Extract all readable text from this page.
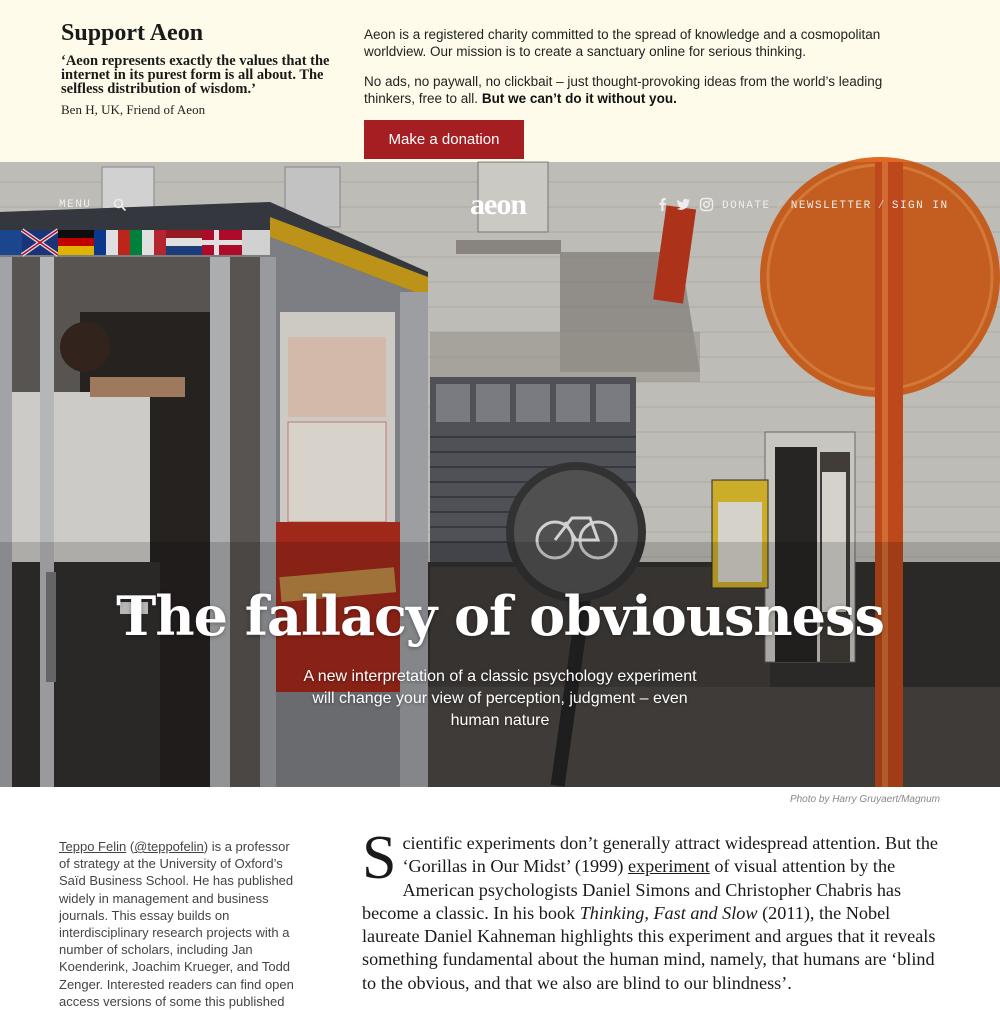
Support Aeon

‘Aeon represents exactly the values that the internet in its purest form is all about. The selfless distribution of wisdom.’

Ben H, UK, Friend of Aeon

Aeon is a registered charity committed to the spread of knowledge and a cosmopolitan worldview. Our mission is to create a sanctuary online for serious thinking.

No ads, no paywall, no clickbait – just thought-provoking ideas from the world’s leading thinkers, free to all. But we can’t do it without you.

Make a donation
MENU	aeon	DONATE / NEWSLETTER / SIGN IN
The fallacy of obviousness

A new interpretation of a classic psychology experiment will change your view of perception, judgment – even human nature

Photo by Harry Gruyaert/Magnum

Teppo Felin (@teppofelin) is a professor of strategy at the University of Oxford’s Saïd Business School. He has published widely in management and business journals. This essay builds on interdisciplinary research projects with a number of scholars, including Jan Koenderink, Joachim Krueger, and Todd Zenger. Interested readers can find open access versions of some this published
Scientific experiments don’t generally attract widespread attention. But the ‘Gorillas in Our Midst’ (1999) experiment of visual attention by the American psychologists Daniel Simons and Christopher Chabris has become a classic. In his book Thinking, Fast and Slow (2011), the Nobel laureate Daniel Kahneman highlights this experiment and argues that it reveals something fundamental about the human mind, namely, that humans are ‘blind to the obvious, and that we also are blind to our blindness’.
